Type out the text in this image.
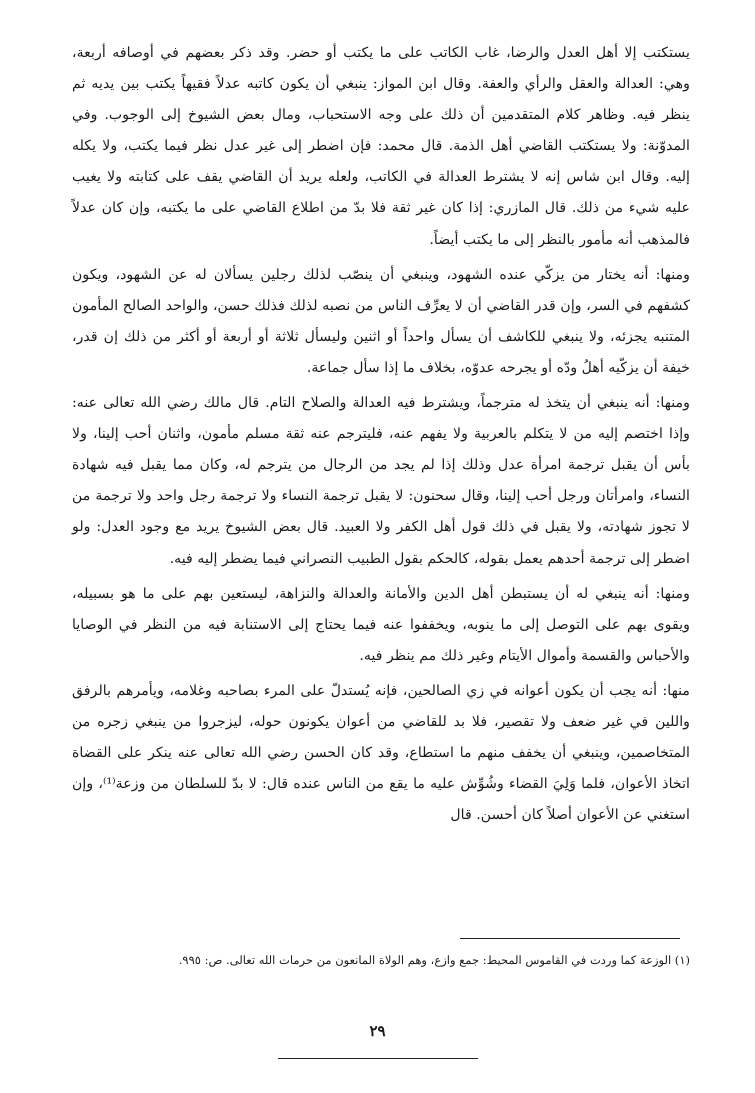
يستكتب إلا أهل العدل والرضا، غاب الكاتب على ما يكتب أو حضر. وقد ذكر بعضهم في أوصافه أربعة، وهي: العدالة والعقل والرأي والعفة. وقال ابن المواز: ينبغي أن يكون كاتبه عدلاً فقيهاً يكتب بين يديه ثم ينظر فيه. وظاهر كلام المتقدمين أن ذلك على وجه الاستحباب، ومال بعض الشيوخ إلى الوجوب. وفي المدوّنة: ولا يستكتب القاضي أهل الذمة. قال محمد: فإن اضطر إلى غير عدل نظر فيما يكتب، ولا يكله إليه. وقال ابن شاس إنه لا يشترط العدالة في الكاتب، ولعله يريد أن القاضي يقف على كتابته ولا يغيب عليه شيء من ذلك. قال المازري: إذا كان غير ثقة فلا بدّ من اطلاع القاضي على ما يكتبه، وإن كان عدلاً فالمذهب أنه مأمور بالنظر إلى ما يكتب أيضاً.

ومنها: أنه يختار من يزكّي عنده الشهود، وينبغي أن ينصّب لذلك رجلين يسألان له عن الشهود، ويكون كشفهم في السر، وإن قدر القاضي أن لا يعرِّف الناس من نصبه لذلك فذلك حسن، والواحد الصالح المأمون المتنبه يجزئه، ولا ينبغي للكاشف أن يسأل واحداً أو اثنين وليسأل ثلاثة أو أربعة أو أكثر من ذلك إن قدر، خيفة أن يزكّيه أهلُ ودّه أو يجرحه عدوّه، بخلاف ما إذا سأل جماعة.

ومنها: أنه ينبغي أن يتخذ له مترجماً، ويشترط فيه العدالة والصلاح التام. قال مالك رضي الله تعالى عنه: وإذا اختصم إليه من لا يتكلم بالعربية ولا يفهم عنه، فليترجم عنه ثقة مسلم مأمون، واثنان أحب إلينا، ولا بأس أن يقبل ترجمة امرأة عدل وذلك إذا لم يجد من الرجال من يترجم له، وكان مما يقبل فيه شهادة النساء، وامرأتان ورجل أحب إلينا، وقال سحنون: لا يقبل ترجمة النساء ولا ترجمة رجل واحد ولا ترجمة من لا تجوز شهادته، ولا يقبل في ذلك قول أهل الكفر ولا العبيد. قال بعض الشيوخ يريد مع وجود العدل: ولو اضطر إلى ترجمة أحدهم يعمل بقوله، كالحكم بقول الطبيب النصراني فيما يضطر إليه فيه.

ومنها: أنه ينبغي له أن يستبطن أهل الدين والأمانة والعدالة والنزاهة، ليستعين بهم على ما هو بسبيله، ويقوى بهم على التوصل إلى ما ينوبه، ويخففوا عنه فيما يحتاج إلى الاستنابة فيه من النظر في الوصايا والأحباس والقسمة وأموال الأيتام وغير ذلك مم ينظر فيه.

منها: أنه يجب أن يكون أعوانه في زي الصالحين، فإنه يُستدلّ على المرء بصاحبه وغلامه، ويأمرهم بالرفق واللين في غير ضعف ولا تقصير، فلا بد للقاضي من أعوان يكونون حوله، ليزجروا من ينبغي زجره من المتخاصمين، وينبغي أن يخفف منهم ما استطاع، وقد كان الحسن رضي الله تعالى عنه ينكر على القضاة اتخاذ الأعوان، فلما وَلِيَ القضاء وشُوِّش عليه ما يقع من الناس عنده قال: لا بدّ للسلطان من وزعة⁽¹⁾، وإن استغني عن الأعوان أصلاً كان أحسن. قال

(١) الوزعة كما وردت في القاموس المحيط: جمع وازع، وهم الولاة المانعون من حرمات الله تعالى. ص: ٩٩٥.
٢٩
